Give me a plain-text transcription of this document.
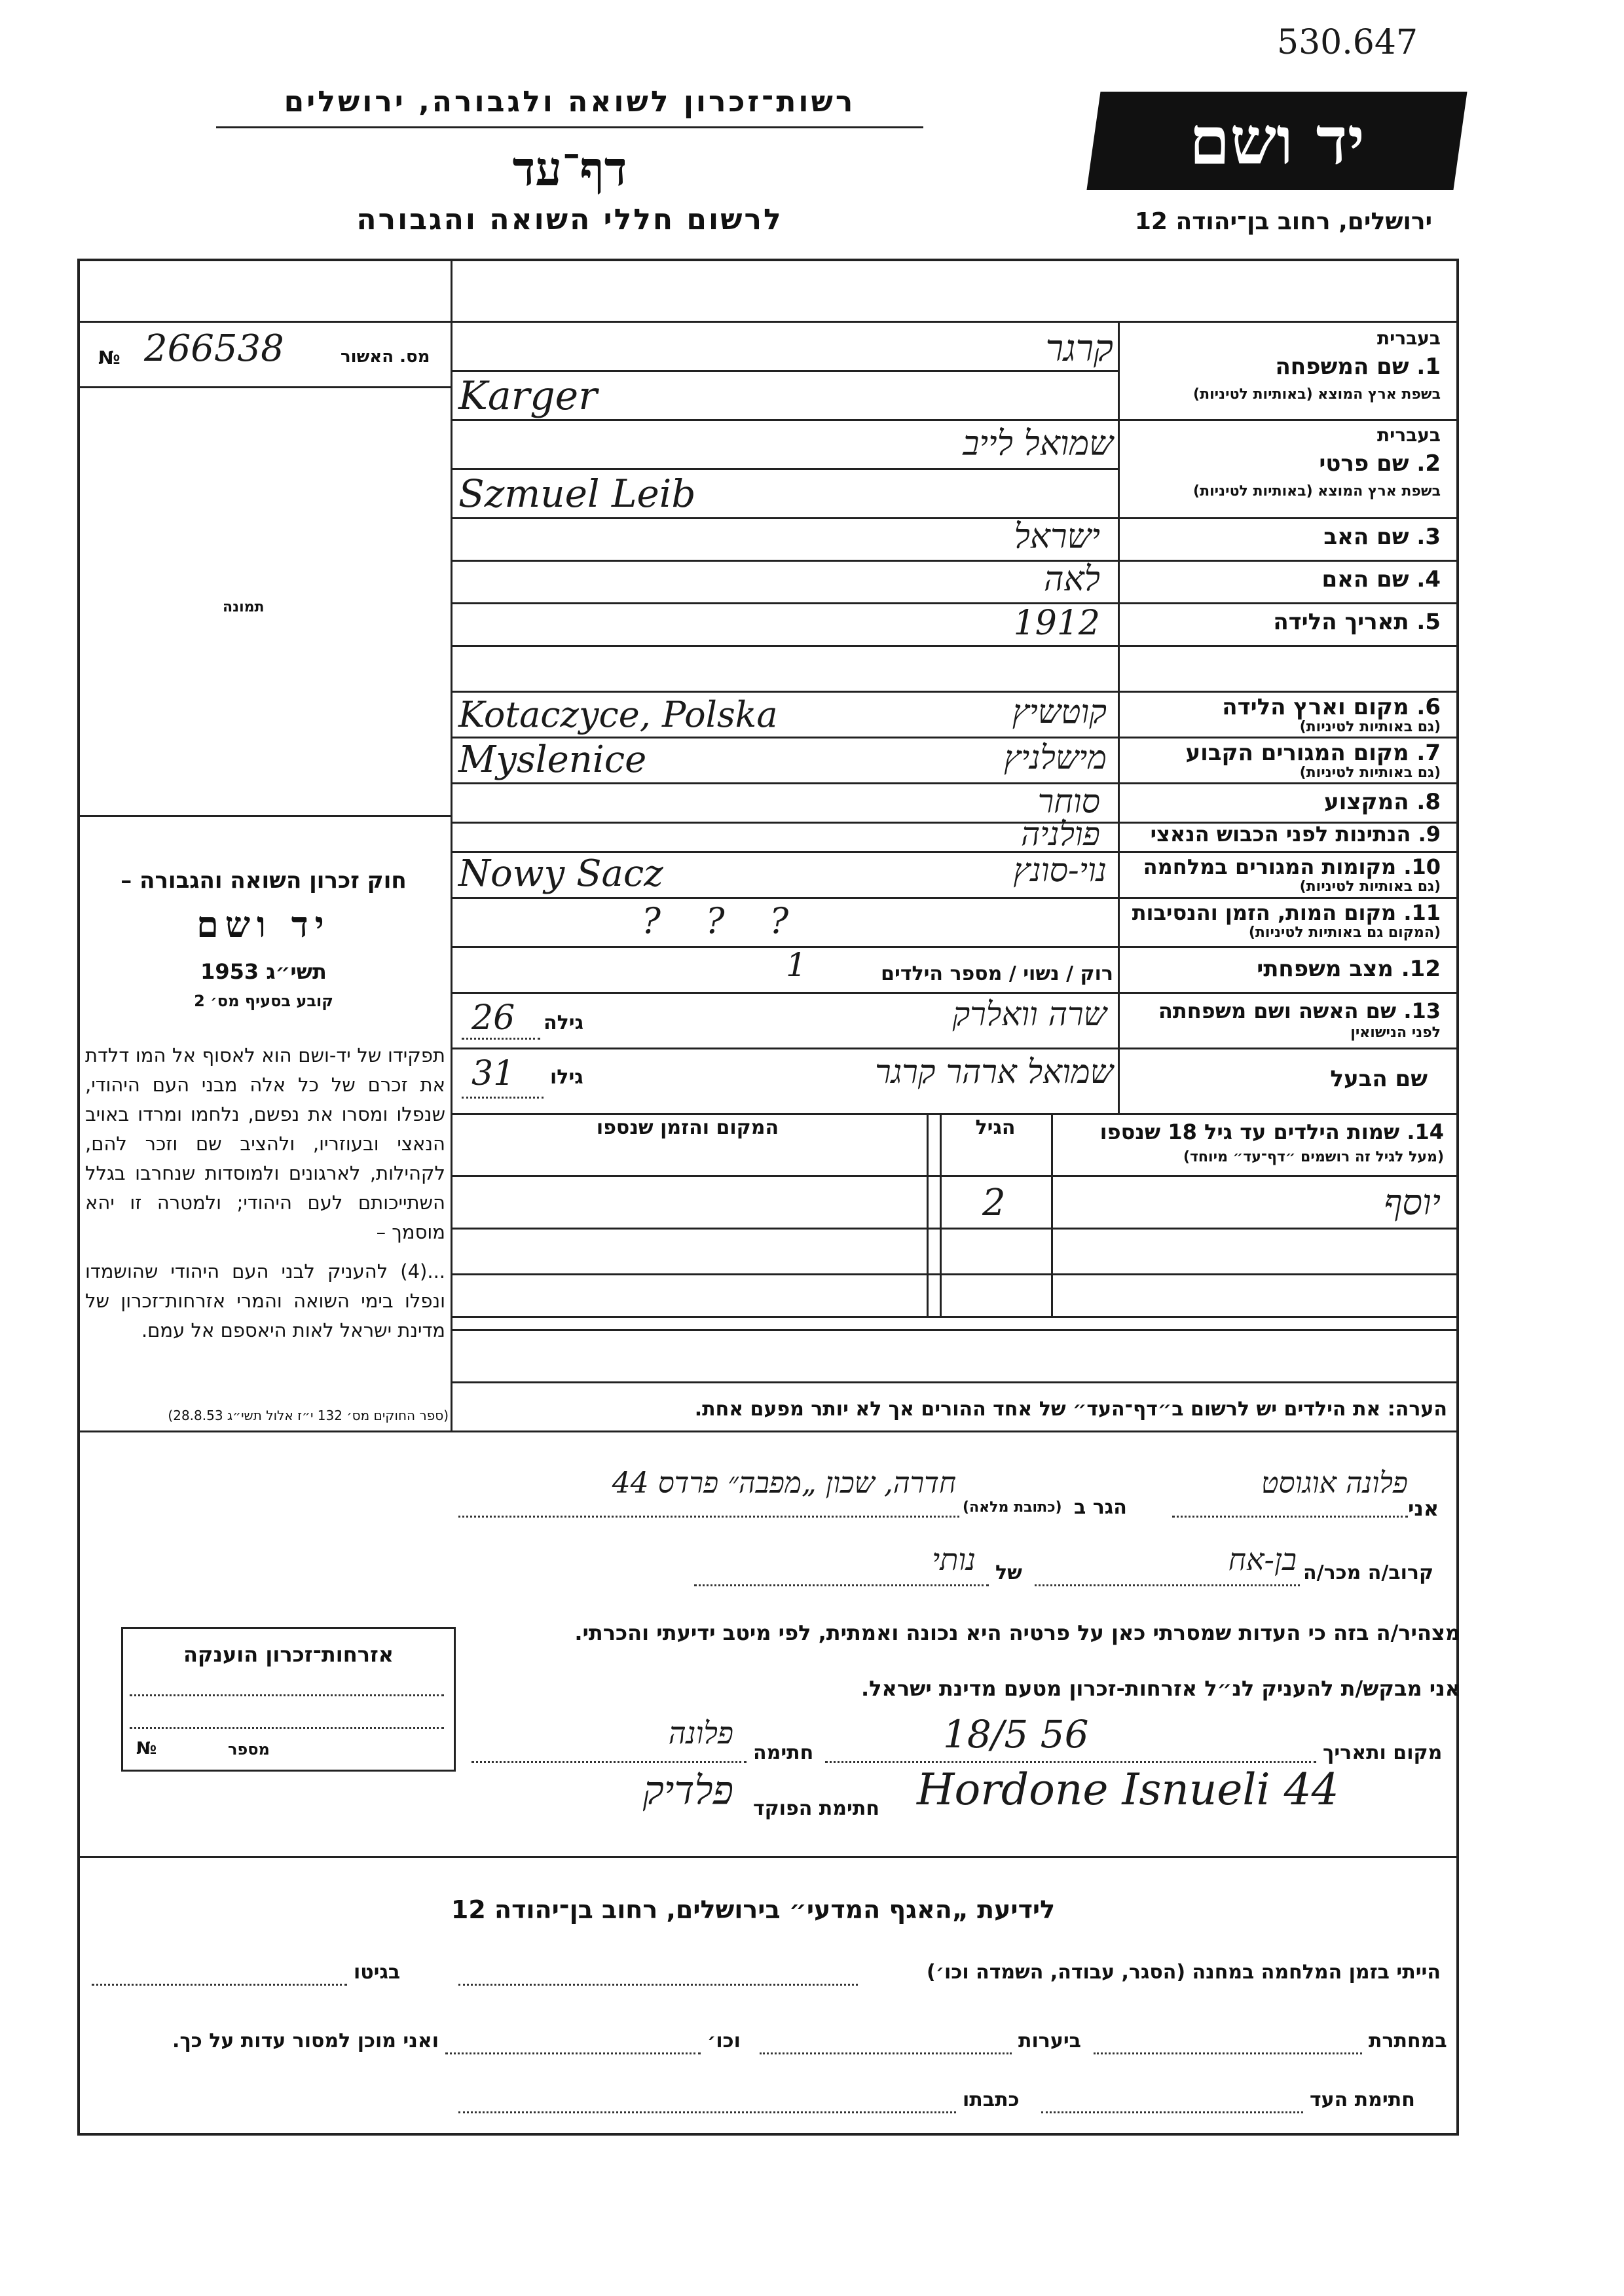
530.647
רשות־זכרון לשואה ולגבורה, ירושלים
דף־עד
לרשום חללי השואה והגבורה
יד ושם
ירושלים, רחוב בן־יהודה 12
מס. האשור
266538
№
תמונה
חוק זכרון השואה והגבורה –
יד ושם
תשי״ג 1953
קובע בסעיף מס׳ 2
תפקידו של יד-ושם הוא לאסוף אל המו דלדת את זכרם של כל אלה מבני העם היהודי, שנפלו ומסרו את נפשם, נלחמו ומרדו באויב הנאצי ובעוזריו, ולהציב שם וזכר להם, לקהילות, לארגונים ולמוסדות שנחרבו בגלל השתייכותם לעם היהודי; ולמטרה זו יהא מוסמך –
...(4) להעניק לבני העם היהודי שהושמדו ונפלו בימי השואה והמרי אזרחות־זכרון של מדינת ישראל לאות היאספם אל עמם.
(ספר החוקים מס׳ 132 י״ז אלול תשי״ג 28.8.53)
בעברית
1. שם המשפחה
בשפת ארץ המוצא (באותיות לטיניות)
קרגר
Karger
בעברית
2. שם פרטי
בשפת ארץ המוצא (באותיות לטיניות)
שמואל לייב
Szmuel Leib
3. שם האב
ישראל
4. שם האם
לאה
5. תאריך הלידה
1912
6. מקום וארץ הלידה
(גם באותיות לטיניות)
קוטשיץ
Kotaczyce, Polska
7. מקום המגורים הקבוע
(גם באותיות לטיניות)
מישלניץ
Myslenice
8. המקצוע
סוחר
9. הנתינות לפני הכבוש הנאצי
פולניה
10. מקומות המגורים במלחמה
(גם באותיות לטיניות)
נוי-סונץ
Nowy Sacz
11. מקום המות, הזמן והנסיבות
(המקום גם באותיות לטיניות)
?    ?    ?
12. מצב משפחתי
רוק / נשוי / מספר הילדים
1
13. שם האשה ושם משפחתה
לפני הנישואין
שרה וואלרק
גילה
26
שם הבעל
שמואל ארהר קרגר
גילו
31
14. שמות הילדים עד גיל 18 שנספו
(מעל לגיל זה רושמים ״דף־עד״ מיוחד)
הגיל
המקום והזמן שנספו
יוסף
2
הערה: את הילדים יש לרשום ב״דף־העד״ של אחד ההורים אך לא יותר מפעם אחת.
אני
פלונה אוגוסט
הגר ב
(כתובת מלאה)
חדרה, שכון „מפבה״ פרדס 44
קרוב/ה מכר/ה
בן-אח
של
נותי
מצהיר/ה בזה כי העדות שמסרתי כאן על פרטיה היא נכונה ואמתית, לפי מיטב ידיעתי והכרתי.
אני מבקש/ת להעניק לנ״ל אזרחות-זכרון מטעם מדינת ישראל.
מקום ותאריך
18/5 56
חתימה
פלונה
Hordone Isnueli 44
חתימת הפוקד
פלדיק
אזרחות־זכרון הוענקה
מספר
№
לידיעת „האגף המדעי״ בירושלים, רחוב בן־יהודה 12
הייתי בזמן המלחמה במחנה (הסגר, עבודה, השמדה וכו׳)
בגיטו
במחתרת
ביערות
וכו׳
ואני מוכן למסור עדות על כך.
חתימת העד
כתבתו
